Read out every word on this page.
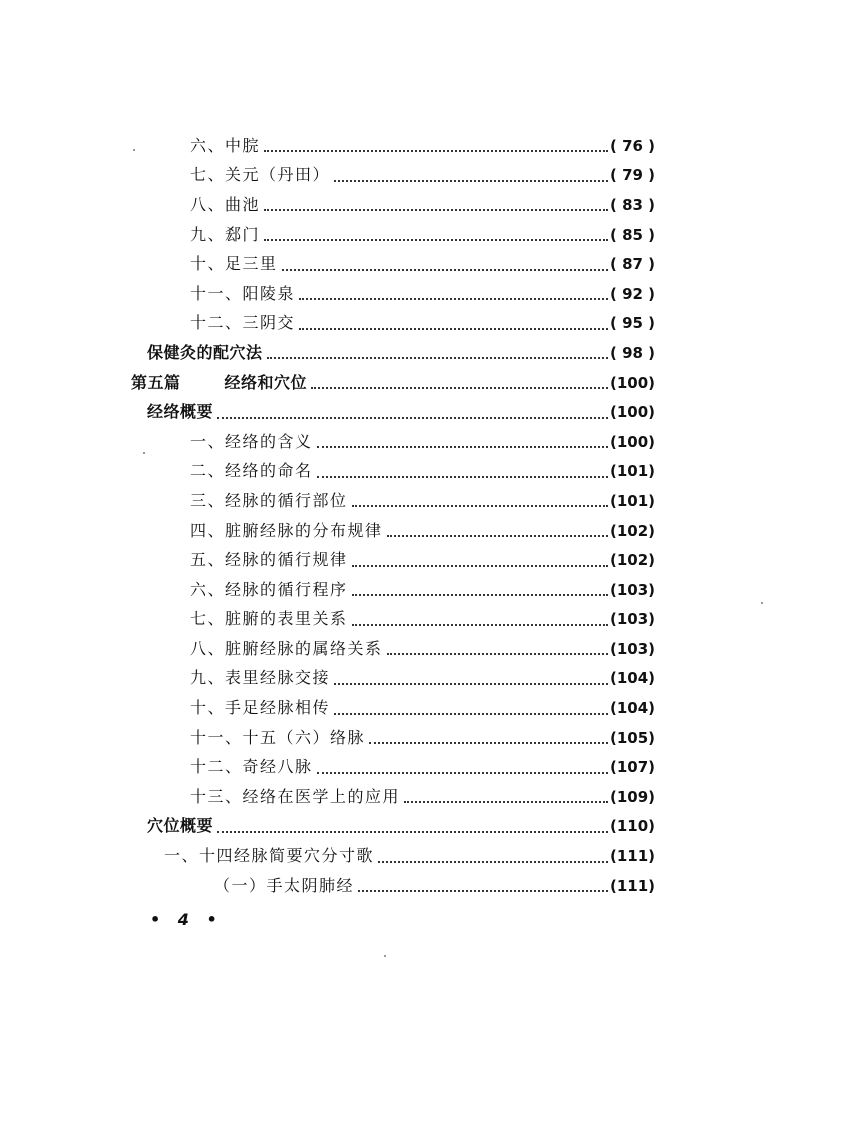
六、中脘	( 76 )
七、关元（丹田）	( 79 )
八、曲池	( 83 )
九、郄门	( 85 )
十、足三里	( 87 )
十一、阳陵泉	( 92 )
十二、三阴交	( 95 )
保健灸的配穴法	( 98 )
第五篇	经络和穴位	(100)
经络概要	(100)
一、经络的含义	(100)
二、经络的命名	(101)
三、经脉的循行部位	(101)
四、脏腑经脉的分布规律	(102)
五、经脉的循行规律	(102)
六、经脉的循行程序	(103)
七、脏腑的表里关系	(103)
八、脏腑经脉的属络关系	(103)
九、表里经脉交接	(104)
十、手足经脉相传	(104)
十一、十五（六）络脉	(105)
十二、奇经八脉	(107)
十三、经络在医学上的应用	(109)
穴位概要	(110)
一、十四经脉简要穴分寸歌	(111)
（一）手太阴肺经	(111)
• 4 •
